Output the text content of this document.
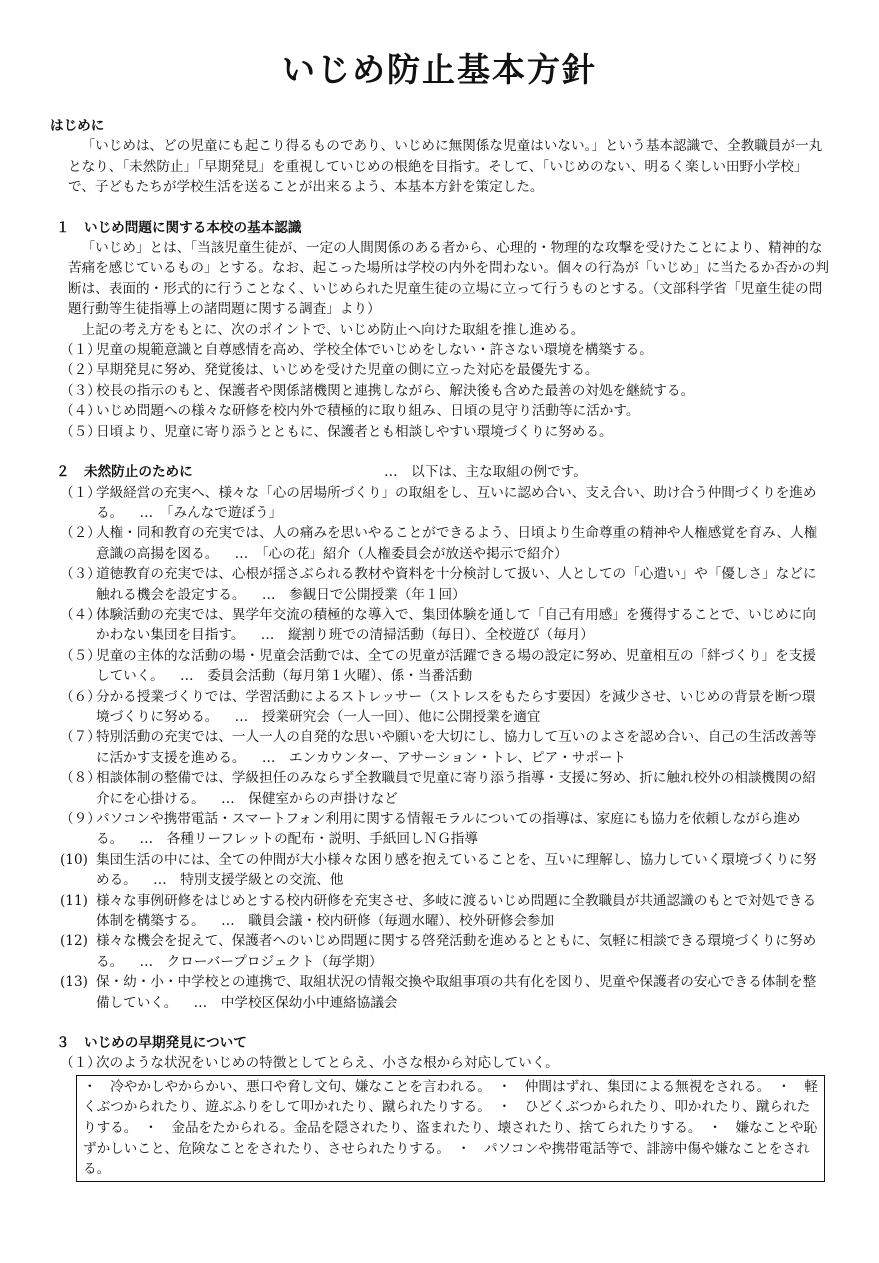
いじめ防止基本方針
はじめに
「いじめは、どの児童にも起こり得るものであり、いじめに無関係な児童はいない。」という基本認識で、全教職員が一丸となり、「未然防止」「早期発見」を重視していじめの根絶を目指す。そして、「いじめのない、明るく楽しい田野小学校」で、子どもたちが学校生活を送ることが出来るよう、本基本方針を策定した。
１ いじめ問題に関する本校の基本認識
「いじめ」とは、「当該児童生徒が、一定の人間関係のある者から、心理的・物理的な攻撃を受けたことにより、精神的な苦痛を感じているもの」とする。なお、起こった場所は学校の内外を問わない。個々の行為が「いじめ」に当たるか否かの判断は、表面的・形式的に行うことなく、いじめられた児童生徒の立場に立って行うものとする。（文部科学省「児童生徒の問題行動等生徒指導上の諸問題に関する調査」より）
上記の考え方をもとに、次のポイントで、いじめ防止へ向けた取組を推し進める。
（１）
児童の規範意識と自尊感情を高め、学校全体でいじめをしない・許さない環境を構築する。
（２）
早期発見に努め、発覚後は、いじめを受けた児童の側に立った対応を最優先する。
（３）
校長の指示のもと、保護者や関係諸機関と連携しながら、解決後も含めた最善の対処を継続する。
（４）
いじめ問題への様々な研修を校内外で積極的に取り組み、日頃の見守り活動等に活かす。
（５）
日頃より、児童に寄り添うとともに、保護者とも相談しやすい環境づくりに努める。
２ 未然防止のために	…　以下は、主な取組の例です。
（１）
学級経営の充実へ、様々な「心の居場所づくり」の取組をし、互いに認め合い、支え合い、助け合う仲間づくりを進める。 …　「みんなで遊ぼう」
（２）
人権・同和教育の充実では、人の痛みを思いやることができるよう、日頃より生命尊重の精神や人権感覚を育み、人権意識の高揚を図る。 …　「心の花」紹介（人権委員会が放送や掲示で紹介）
（３）
道徳教育の充実では、心根が揺さぶられる教材や資料を十分検討して扱い、人としての「心遣い」や「優しさ」などに触れる機会を設定する。 …　参観日で公開授業（年１回）
（４）
体験活動の充実では、異学年交流の積極的な導入で、集団体験を通して「自己有用感」を獲得することで、いじめに向かわない集団を目指す。 …　縦割り班での清掃活動（毎日）、全校遊び（毎月）
（５）
児童の主体的な活動の場・児童会活動では、全ての児童が活躍できる場の設定に努め、児童相互の「絆づくり」を支援していく。 …　委員会活動（毎月第１火曜）、係・当番活動
（６）
分かる授業づくりでは、学習活動によるストレッサー（ストレスをもたらす要因）を減少させ、いじめの背景を断つ環境づくりに努める。 …　授業研究会（一人一回）、他に公開授業を適宜
（７）
特別活動の充実では、一人一人の自発的な思いや願いを大切にし、協力して互いのよさを認め合い、自己の生活改善等に活かす支援を進める。 …　エンカウンター、アサーション・トレ、ピア・サポート
（８）
相談体制の整備では、学級担任のみならず全教職員で児童に寄り添う指導・支援に努め、折に触れ校外の相談機関の紹介にを心掛ける。 …　保健室からの声掛けなど
（９）
パソコンや携帯電話・スマートフォン利用に関する情報モラルについての指導は、家庭にも協力を依頼しながら進める。 …　各種リーフレットの配布・説明、手紙回しＮＧ指導
(10) 集団生活の中には、全ての仲間が大小様々な困り感を抱えていることを、互いに理解し、協力していく環境づくりに努める。 …　特別支援学級との交流、他
(11) 様々な事例研修をはじめとする校内研修を充実させ、多岐に渡るいじめ問題に全教職員が共通認識のもとで対処できる体制を構築する。 …　職員会議・校内研修（毎週水曜）、校外研修会参加
(12) 様々な機会を捉えて、保護者へのいじめ問題に関する啓発活動を進めるとともに、気軽に相談できる環境づくりに努める。 …　クローバープロジェクト（毎学期）
(13) 保・幼・小・中学校との連携で、取組状況の情報交換や取組事項の共有化を図り、児童や保護者の安心できる体制を整備していく。 …　中学校区保幼小中連絡協議会
３ いじめの早期発見について
（１）
次のような状況をいじめの特徴としてとらえ、小さな根から対応していく。
・　冷やかしやからかい、悪口や脅し文句、嫌なことを言われる。　・　仲間はずれ、集団による無視をされる。　・　軽くぶつかられたり、遊ぶふりをして叩かれたり、蹴られたりする。　・　ひどくぶつかられたり、叩かれたり、蹴られたりする。　・　金品をたかられる。金品を隠されたり、盗まれたり、壊されたり、捨てられたりする。　・　嫌なことや恥ずかしいこと、危険なことをされたり、させられたりする。　・　パソコンや携帯電話等で、誹謗中傷や嫌なことをされる。
